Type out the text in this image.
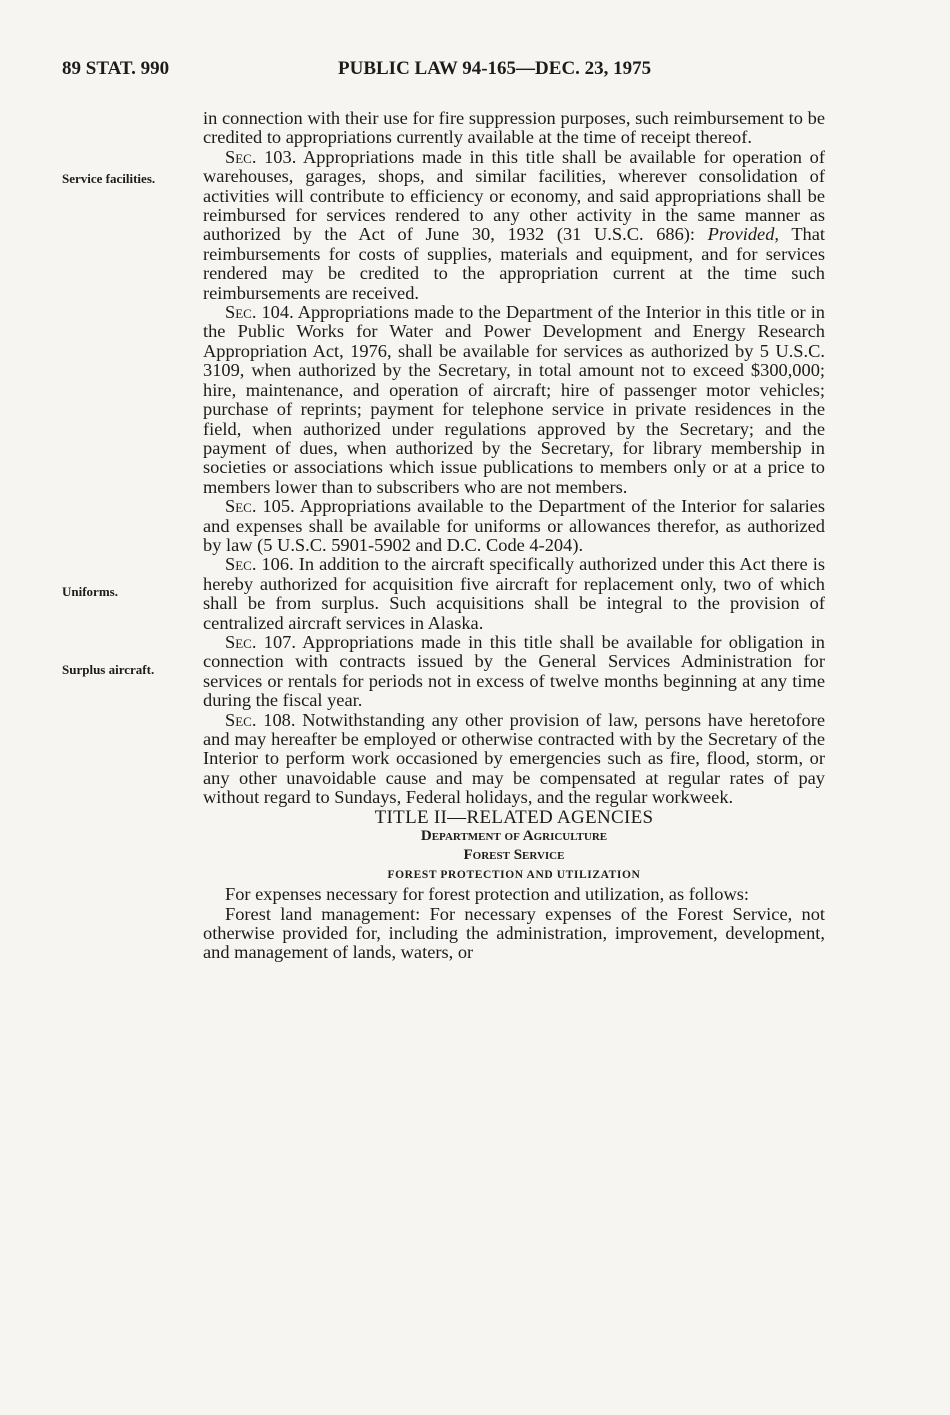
89 STAT. 990	PUBLIC LAW 94-165—DEC. 23, 1975
Service facilities.
Uniforms.
Surplus aircraft.

in connection with their use for fire suppression purposes, such reimbursement to be credited to appropriations currently available at the time of receipt thereof.

Sec. 103. Appropriations made in this title shall be available for operation of warehouses, garages, shops, and similar facilities, wherever consolidation of activities will contribute to efficiency or economy, and said appropriations shall be reimbursed for services rendered to any other activity in the same manner as authorized by the Act of June 30, 1932 (31 U.S.C. 686): Provided, That reimbursements for costs of supplies, materials and equipment, and for services rendered may be credited to the appropriation current at the time such reimbursements are received.

Sec. 104. Appropriations made to the Department of the Interior in this title or in the Public Works for Water and Power Development and Energy Research Appropriation Act, 1976, shall be available for services as authorized by 5 U.S.C. 3109, when authorized by the Secretary, in total amount not to exceed $300,000; hire, maintenance, and operation of aircraft; hire of passenger motor vehicles; purchase of reprints; payment for telephone service in private residences in the field, when authorized under regulations approved by the Secretary; and the payment of dues, when authorized by the Secretary, for library membership in societies or associations which issue publications to members only or at a price to members lower than to subscribers who are not members.

Sec. 105. Appropriations available to the Department of the Interior for salaries and expenses shall be available for uniforms or allowances therefor, as authorized by law (5 U.S.C. 5901-5902 and D.C. Code 4-204).

Sec. 106. In addition to the aircraft specifically authorized under this Act there is hereby authorized for acquisition five aircraft for replacement only, two of which shall be from surplus. Such acquisitions shall be integral to the provision of centralized aircraft services in Alaska.

Sec. 107. Appropriations made in this title shall be available for obligation in connection with contracts issued by the General Services Administration for services or rentals for periods not in excess of twelve months beginning at any time during the fiscal year.

Sec. 108. Notwithstanding any other provision of law, persons have heretofore and may hereafter be employed or otherwise contracted with by the Secretary of the Interior to perform work occasioned by emergencies such as fire, flood, storm, or any other unavoidable cause and may be compensated at regular rates of pay without regard to Sundays, Federal holidays, and the regular workweek.

TITLE II—RELATED AGENCIES

Department of Agriculture

Forest Service

FOREST PROTECTION AND UTILIZATION

For expenses necessary for forest protection and utilization, as follows:

Forest land management: For necessary expenses of the Forest Service, not otherwise provided for, including the administration, improvement, development, and management of lands, waters, or
